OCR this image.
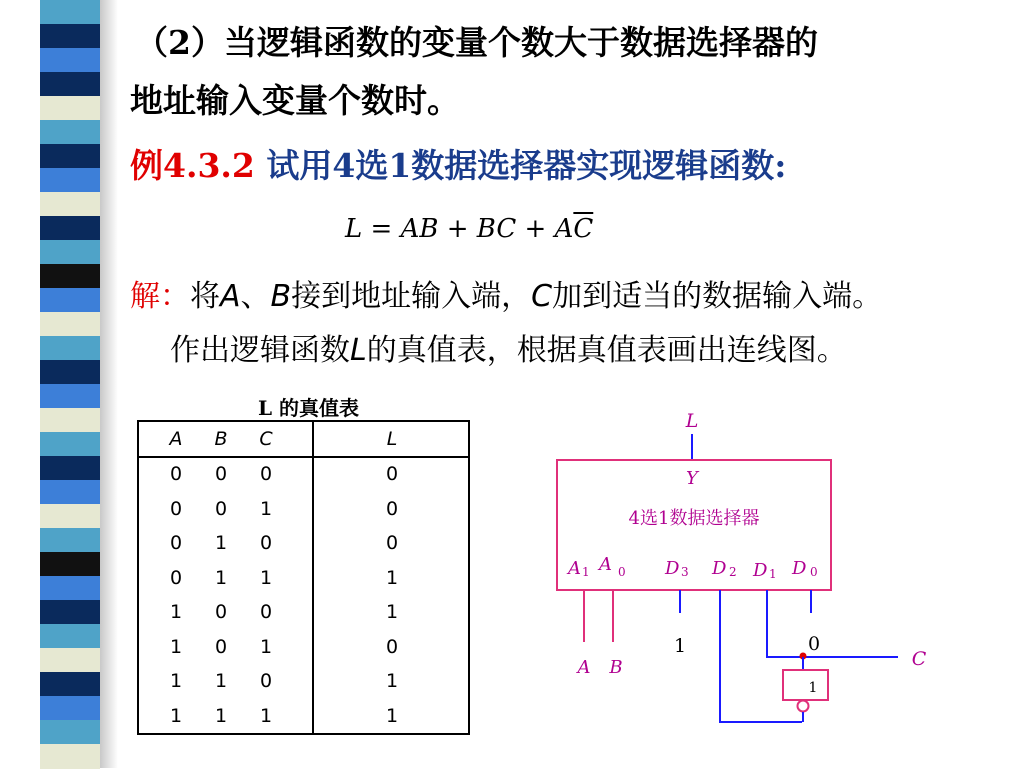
（2）当逻辑函数的变量个数大于数据选择器的
地址输入变量个数时。
例4.3.2 试用4选1数据选择器实现逻辑函数:
L = AB + BC + $A\overline{C}$
解：将A、B接到地址输入端，C加到适当的数据输入端。
作出逻辑函数L的真值表，根据真值表画出连线图。
L 的真值表
A	B	C	L
0	0	0	0
0	0	1	0
0	1	0	0
0	1	1	1
1	0	0	1
1	0	1	0
1	1	0	1
1	1	1	1
L
Y
4选1数据选择器
A 1 A 0 D 3 D 2 D 1 D 0
A B
1	0
C
1
